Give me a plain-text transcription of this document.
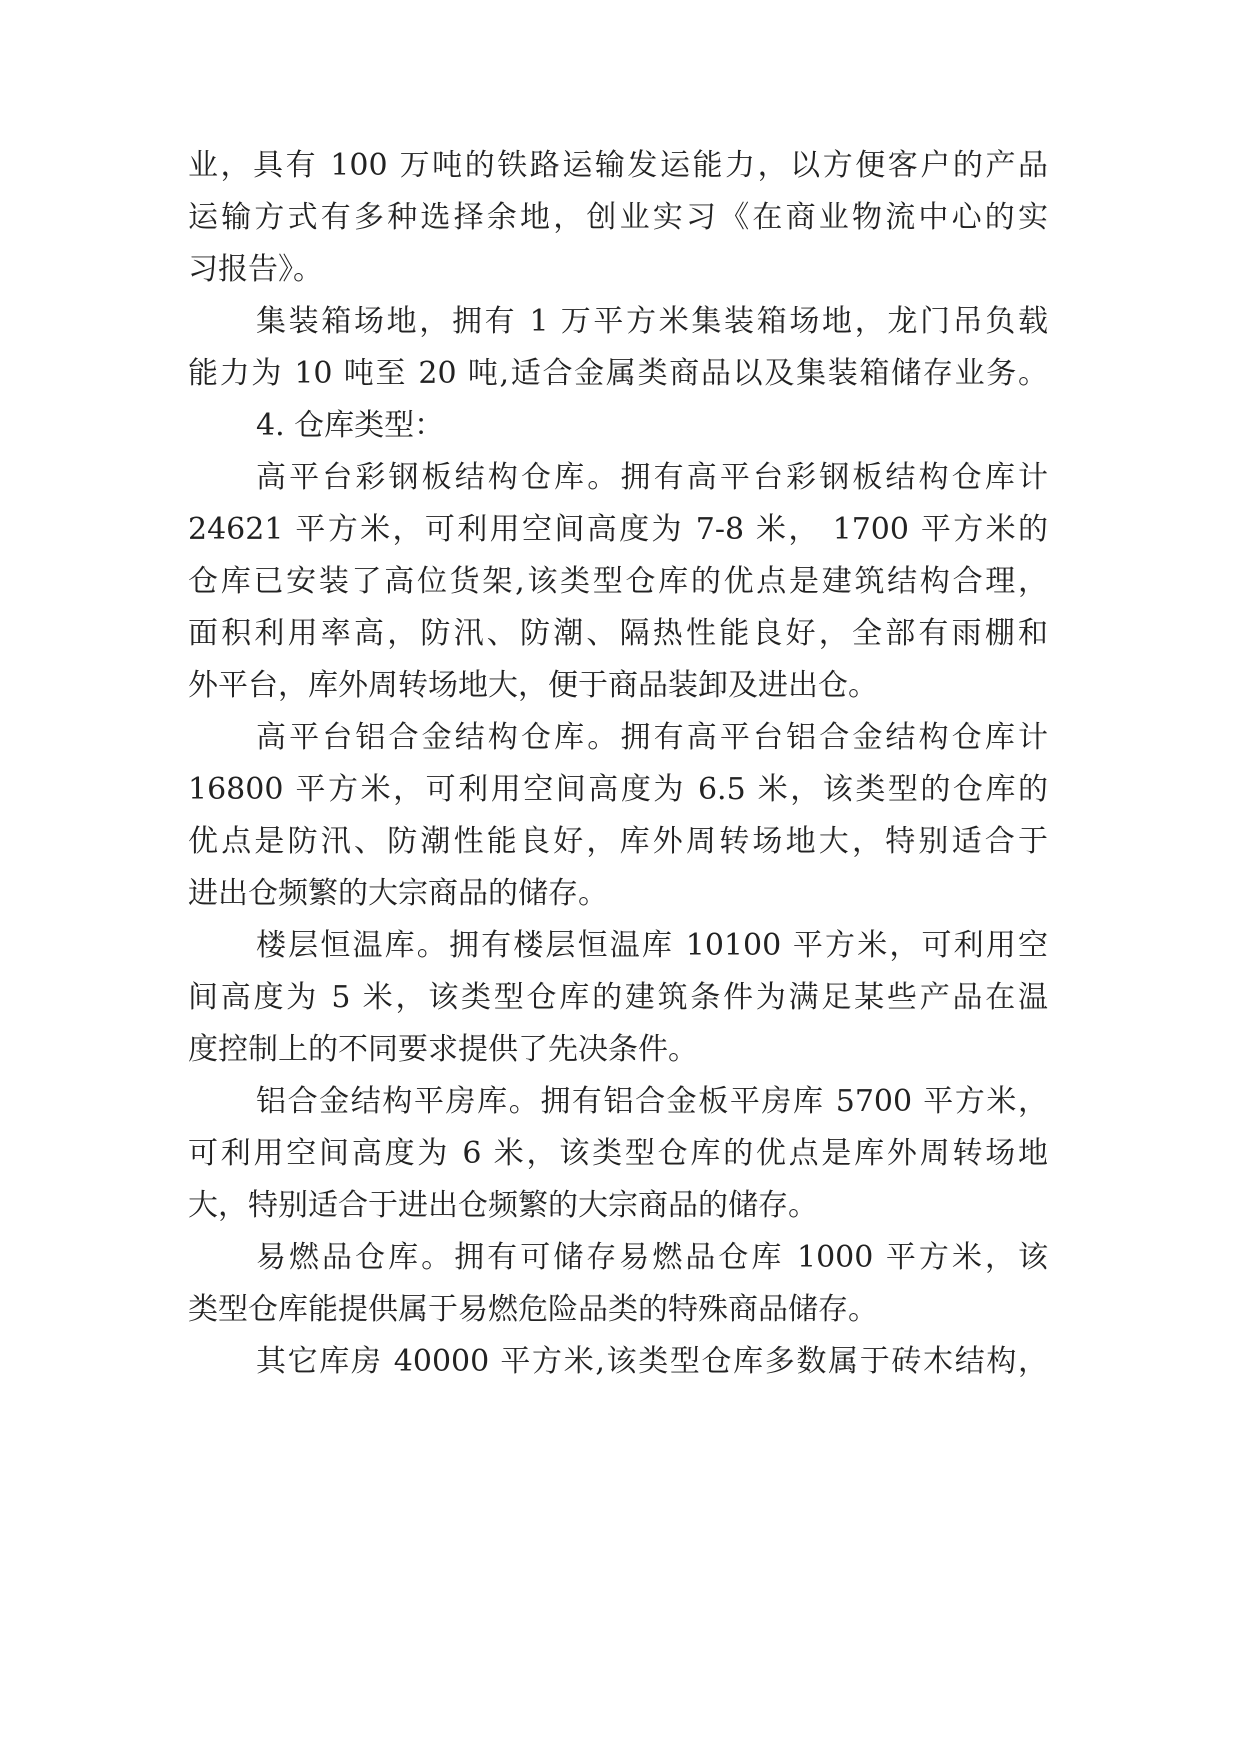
业，具有 100 万吨的铁路运输发运能力，以方便客户的产品
运输方式有多种选择余地，创业实习《在商业物流中心的实
习报告》。
集装箱场地，拥有 1 万平方米集装箱场地，龙门吊负载
能力为 10 吨至 20 吨,适合金属类商品以及集装箱储存业务。
4. 仓库类型：
高平台彩钢板结构仓库。拥有高平台彩钢板结构仓库计
24621 平方米，可利用空间高度为 7-8 米， 1700 平方米的
仓库已安装了高位货架,该类型仓库的优点是建筑结构合理，
面积利用率高，防汛、防潮、隔热性能良好，全部有雨棚和
外平台，库外周转场地大，便于商品装卸及进出仓。
高平台铝合金结构仓库。拥有高平台铝合金结构仓库计
16800 平方米，可利用空间高度为 6.5 米，该类型的仓库的
优点是防汛、防潮性能良好，库外周转场地大，特别适合于
进出仓频繁的大宗商品的储存。
楼层恒温库。拥有楼层恒温库 10100 平方米，可利用空
间高度为 5 米，该类型仓库的建筑条件为满足某些产品在温
度控制上的不同要求提供了先决条件。
铝合金结构平房库。拥有铝合金板平房库 5700 平方米，
可利用空间高度为 6 米，该类型仓库的优点是库外周转场地
大，特别适合于进出仓频繁的大宗商品的储存。
易燃品仓库。拥有可储存易燃品仓库 1000 平方米，该
类型仓库能提供属于易燃危险品类的特殊商品储存。
其它库房 40000 平方米,该类型仓库多数属于砖木结构，
